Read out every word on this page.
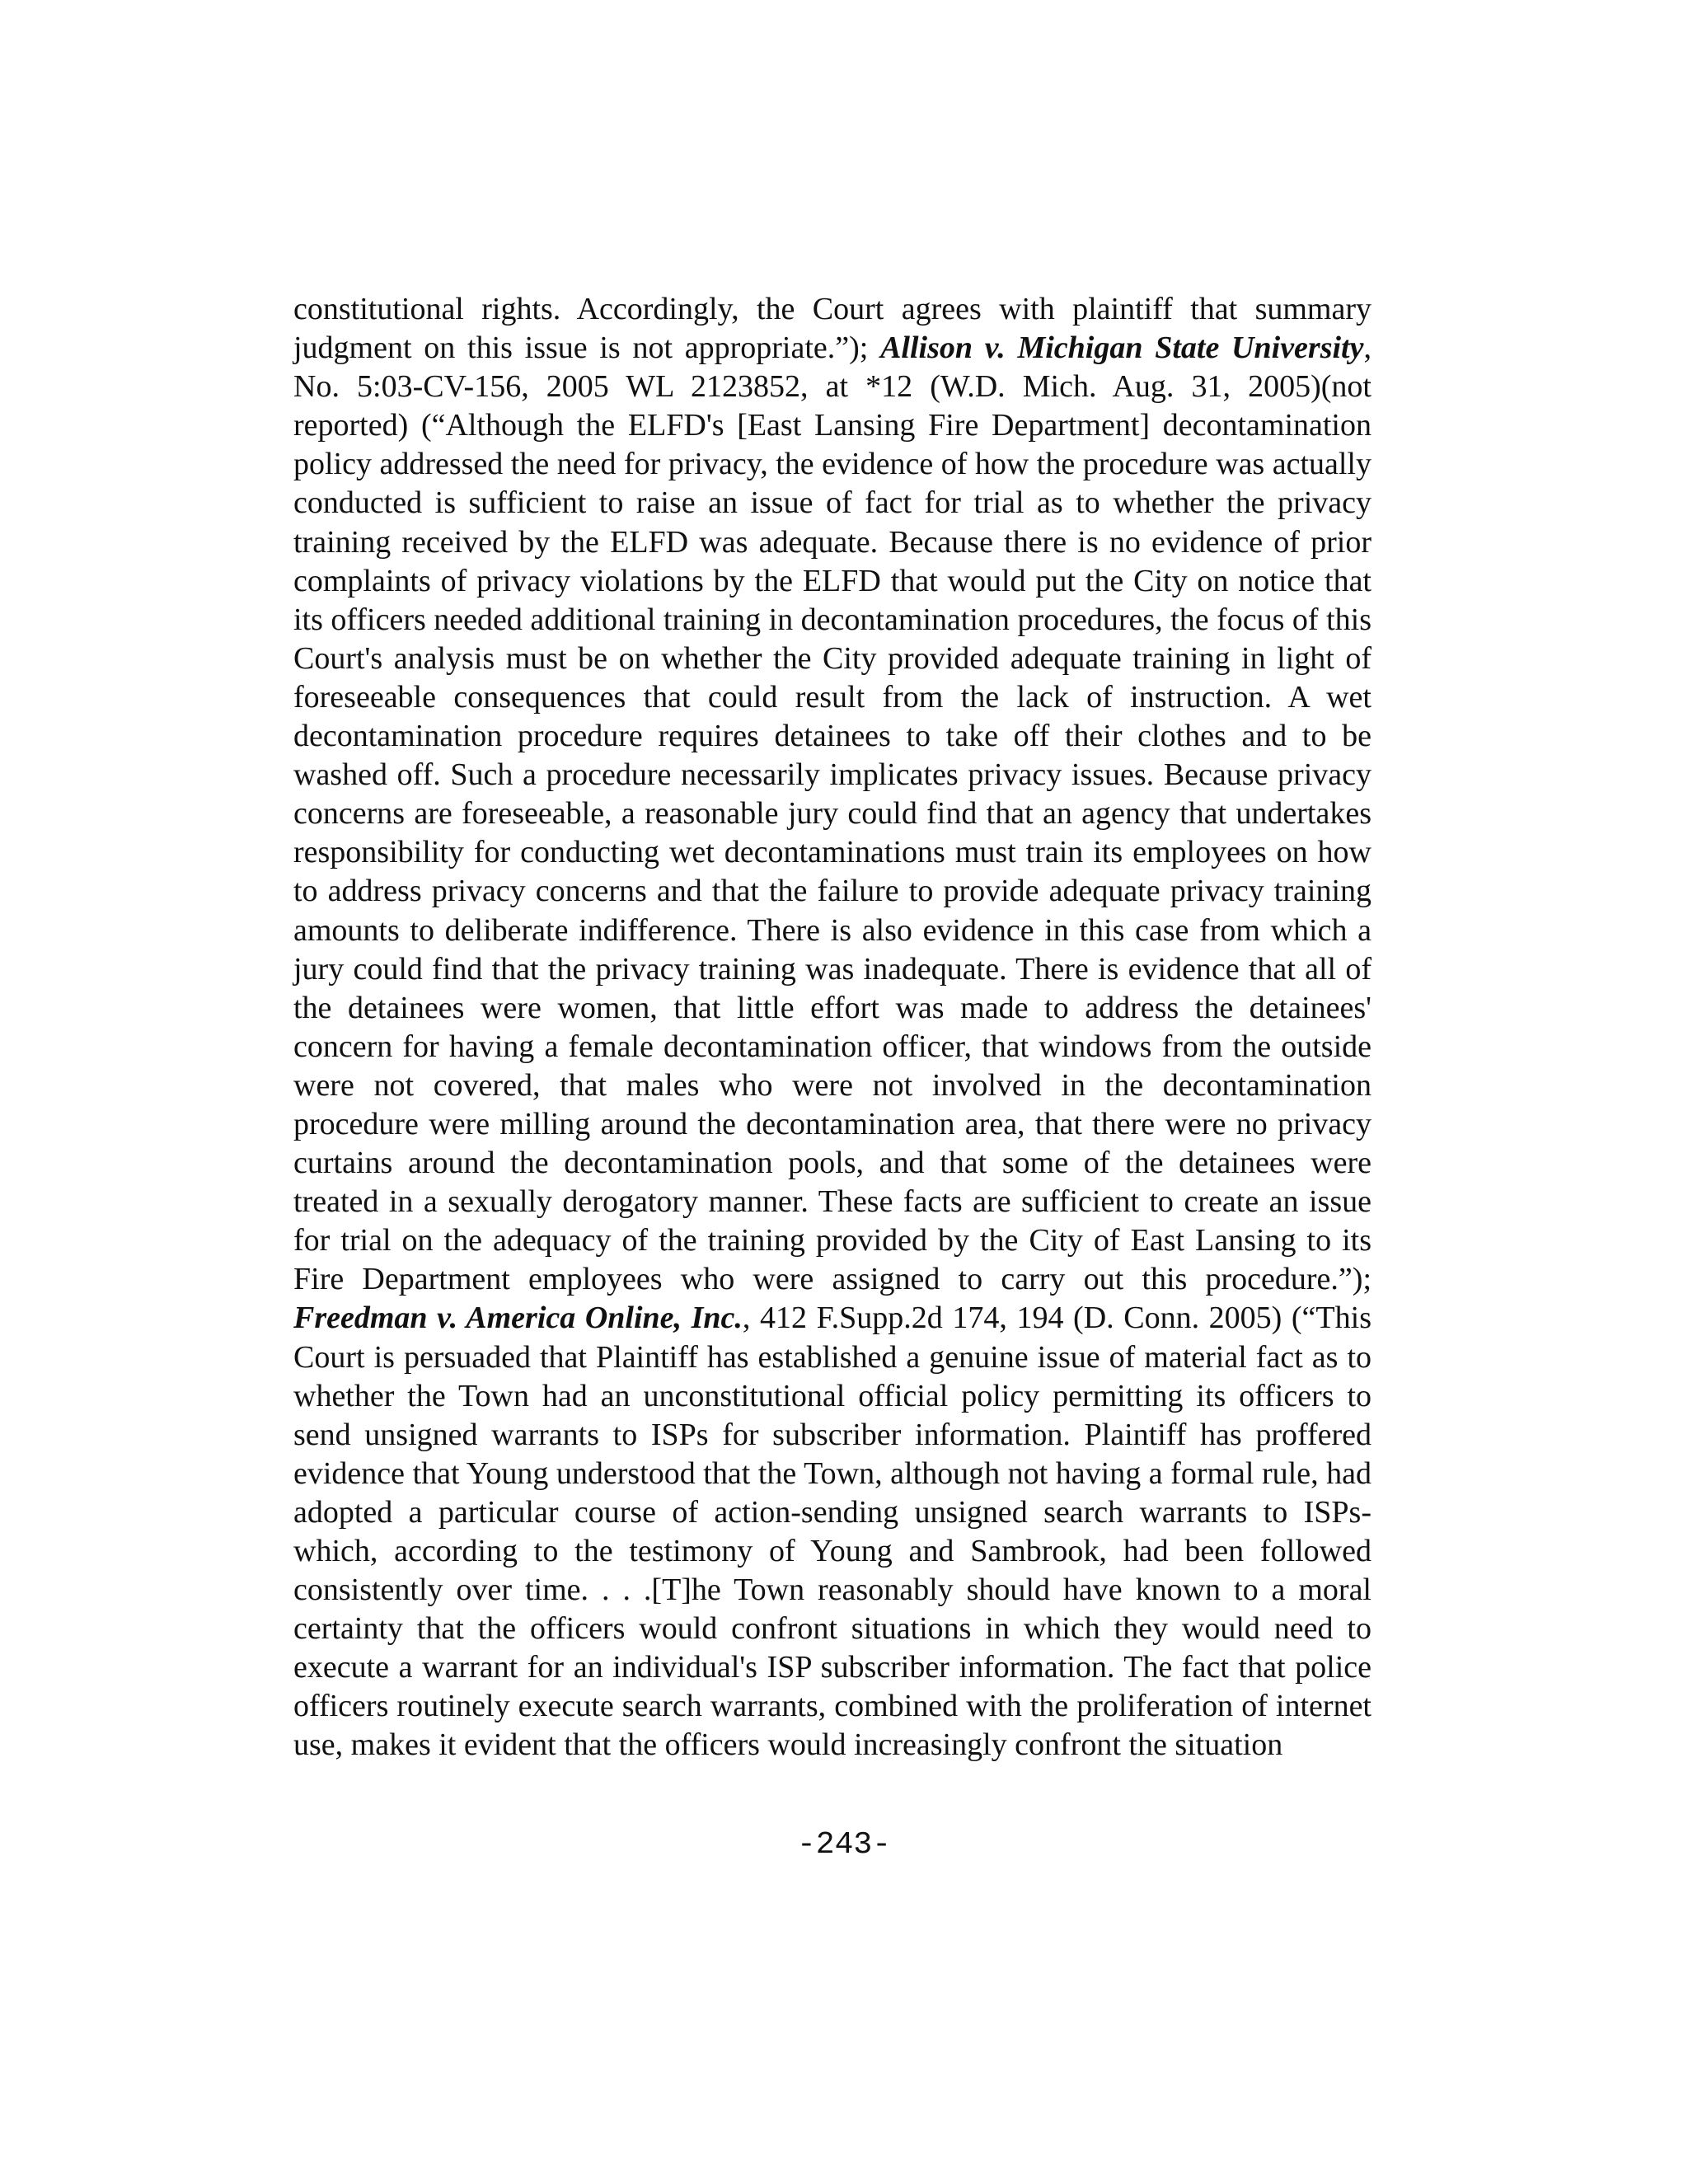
constitutional rights. Accordingly, the Court agrees with plaintiff that summary judgment on this issue is not appropriate.”); Allison v. Michigan State University, No. 5:03-CV-156, 2005 WL 2123852, at *12 (W.D. Mich. Aug. 31, 2005)(not reported) (“Although the ELFD's [East Lansing Fire Department] decontamination policy addressed the need for privacy, the evidence of how the procedure was actually conducted is sufficient to raise an issue of fact for trial as to whether the privacy training received by the ELFD was adequate. Because there is no evidence of prior complaints of privacy violations by the ELFD that would put the City on notice that its officers needed additional training in decontamination procedures, the focus of this Court's analysis must be on whether the City provided adequate training in light of foreseeable consequences that could result from the lack of instruction. A wet decontamination procedure requires detainees to take off their clothes and to be washed off. Such a procedure necessarily implicates privacy issues. Because privacy concerns are foreseeable, a reasonable jury could find that an agency that undertakes responsibility for conducting wet decontaminations must train its employees on how to address privacy concerns and that the failure to provide adequate privacy training amounts to deliberate indifference. There is also evidence in this case from which a jury could find that the privacy training was inadequate. There is evidence that all of the detainees were women, that little effort was made to address the detainees' concern for having a female decontamination officer, that windows from the outside were not covered, that males who were not involved in the decontamination procedure were milling around the decontamination area, that there were no privacy curtains around the decontamination pools, and that some of the detainees were treated in a sexually derogatory manner. These facts are sufficient to create an issue for trial on the adequacy of the training provided by the City of East Lansing to its Fire Department employees who were assigned to carry out this procedure.”); Freedman v. America Online, Inc., 412 F.Supp.2d 174, 194 (D. Conn. 2005) (“This Court is persuaded that Plaintiff has established a genuine issue of material fact as to whether the Town had an unconstitutional official policy permitting its officers to send unsigned warrants to ISPs for subscriber information. Plaintiff has proffered evidence that Young understood that the Town, although not having a formal rule, had adopted a particular course of action-sending unsigned search warrants to ISPs-which, according to the testimony of Young and Sambrook, had been followed consistently over time. . . .[T]he Town reasonably should have known to a moral certainty that the officers would confront situations in which they would need to execute a warrant for an individual's ISP subscriber information. The fact that police officers routinely execute search warrants, combined with the proliferation of internet use, makes it evident that the officers would increasingly confront the situation

-243-
